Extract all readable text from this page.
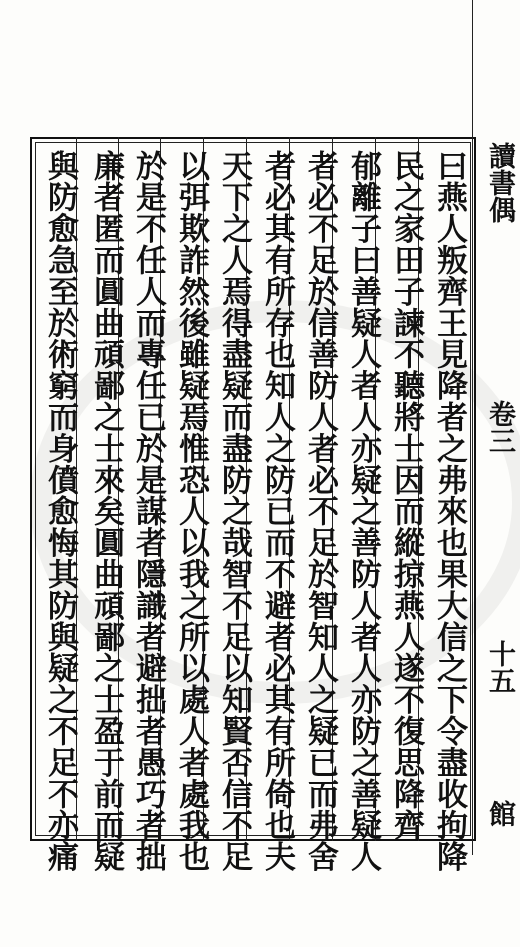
曰燕人叛齊王見降者之弗來也果大信之下令盡收拘降
民之家田子諫不聽將士因而縱掠燕人遂不復思降齊
郁離子曰善疑人者人亦疑之善防人者人亦防之善疑人
者必不足於信善防人者必不足於智知人之疑已而弗舍
者必其有所存也知人之防已而不避者必其有所倚也夫
天下之人焉得盡疑而盡防之哉智不足以知賢否信不足
以弭欺詐然後雖疑焉惟恐人以我之所以處人者處我也
於是不任人而專任已於是謀者隱識者避拙者愚巧者拙
廉者匿而圓曲頑鄙之士來矣圓曲頑鄙之士盈于前而疑
與防愈急至於術窮而身僨愈悔其防與疑之不足不亦痛	讀書偶
卷三
十五
館
